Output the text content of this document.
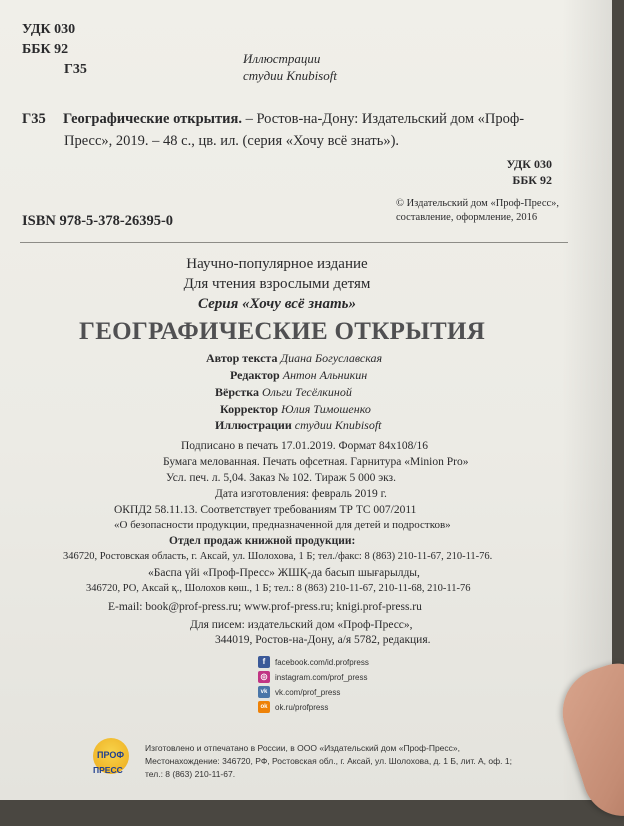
УДК 030
ББК 92
Г35
Иллюстрации
студии Knubisoft
Г35 Географические открытия. – Ростов-на-Дону: Издательский дом «Проф-
Пресс», 2019. – 48 с., цв. ил. (серия «Хочу всё знать»).
УДК 030
ББК 92
ISBN 978-5-378-26395-0
© Издательский дом «Проф-Пресс»,
составление, оформление, 2016
Научно-популярное издание
Для чтения взрослыми детям
Серия «Хочу всё знать»
ГЕОГРАФИЧЕСКИЕ ОТКРЫТИЯ
Автор текста Диана Богуславская
Редактор Антон Альникин
Вёрстка Ольги Тесёлкиной
Корректор Юлия Тимошенко
Иллюстрации студии Knubisoft
Подписано в печать 17.01.2019. Формат 84x108/16
Бумага мелованная. Печать офсетная. Гарнитура «Minion Pro»
Усл. печ. л. 5,04. Заказ № 102. Тираж 5 000 экз.
Дата изготовления: февраль 2019 г.
ОКПД2 58.11.13. Соответствует требованиям ТР ТС 007/2011
«О безопасности продукции, предназначенной для детей и подростков»
Отдел продаж книжной продукции:
346720, Ростовская область, г. Аксай, ул. Шолохова, 1 Б; тел./факс: 8 (863) 210-11-67, 210-11-76.
«Баспа үйі «Проф-Пресс» ЖШҚ-да басып шығарылды,
346720, РО, Аксай қ., Шолохов көш., 1 Б; тел.: 8 (863) 210-11-67, 210-11-68, 210-11-76
E-mail: book@prof-press.ru; www.prof-press.ru; knigi.prof-press.ru
Для писем: издательский дом «Проф-Пресс»,
344019, Ростов-на-Дону, а/я 5782, редакция.
f	facebook.com/id.profpress
◎ instagram.com/prof_press
vk vk.com/prof_press
ok ok.ru/profpress
ПРОФ
ПРЕСС
Изготовлено и отпечатано в России, в ООО «Издательский дом «Проф-Пресс»,
Местонахождение: 346720, РФ, Ростовская обл., г. Аксай, ул. Шолохова, д. 1 Б, лит. А, оф. 1;
тел.: 8 (863) 210-11-67.
